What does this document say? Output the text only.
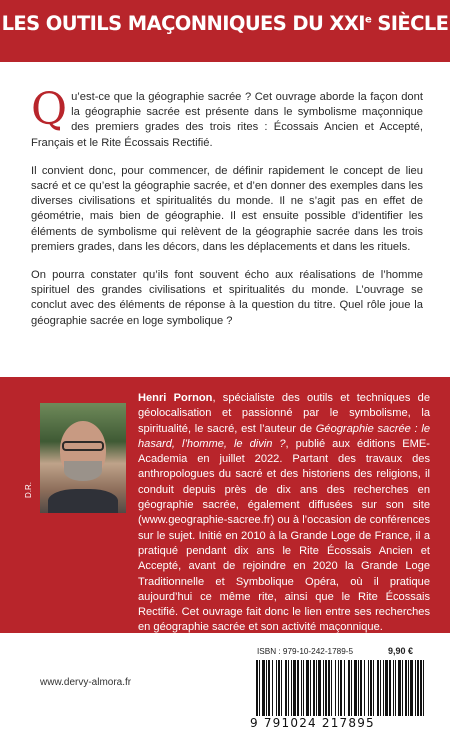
LES OUTILS MAÇONNIQUES DU XXIe SIÈCLE

Qu’est-ce que la géographie sacrée ? Cet ouvrage aborde la façon dont la géographie sacrée est présente dans le symbolisme maçonnique des premiers grades des trois rites : Écossais Ancien et Accepté, Français et le Rite Écossais Rectifié.

Il convient donc, pour commencer, de définir rapidement le concept de lieu sacré et ce qu’est la géographie sacrée, et d’en donner des exemples dans les diverses civilisations et spiritualités du monde. Il ne s’agit pas en effet de géométrie, mais bien de géographie. Il est ensuite possible d’identifier les éléments de symbolisme qui relèvent de la géographie sacrée dans les trois premiers grades, dans les décors, dans les déplacements et dans les rituels.

On pourra constater qu’ils font souvent écho aux réalisations de l’homme spirituel des grandes civilisations et spiritualités du monde. L’ouvrage se conclut avec des éléments de réponse à la question du titre. Quel rôle joue la géographie sacrée en loge symbolique ?

D.R.
Henri Pornon, spécialiste des outils et techniques de géolocalisation et passionné par le symbolisme, la spiritualité, le sacré, est l’auteur de Géographie sacrée : le hasard, l’homme, le divin ?, publié aux éditions EME-Academia en juillet 2022. Partant des travaux des anthropologues du sacré et des historiens des religions, il conduit depuis près de dix ans des recherches en géographie sacrée, également diffusées sur son site (www.geographie-sacree.fr) ou à l’occasion de conférences sur le sujet. Initié en 2010 à la Grande Loge de France, il a pratiqué pendant dix ans le Rite Écossais Ancien et Accepté, avant de rejoindre en 2020 la Grande Loge Traditionnelle et Symbolique Opéra, où il pratique aujourd’hui ce même rite, ainsi que le Rite Écossais Rectifié. Cet ouvrage fait donc le lien entre ses recherches en géographie sacrée et son activité maçonnique.
www.dervy-almora.fr
ISBN : 979-10-242-1789-5	9,90 €
9 791024 217895
